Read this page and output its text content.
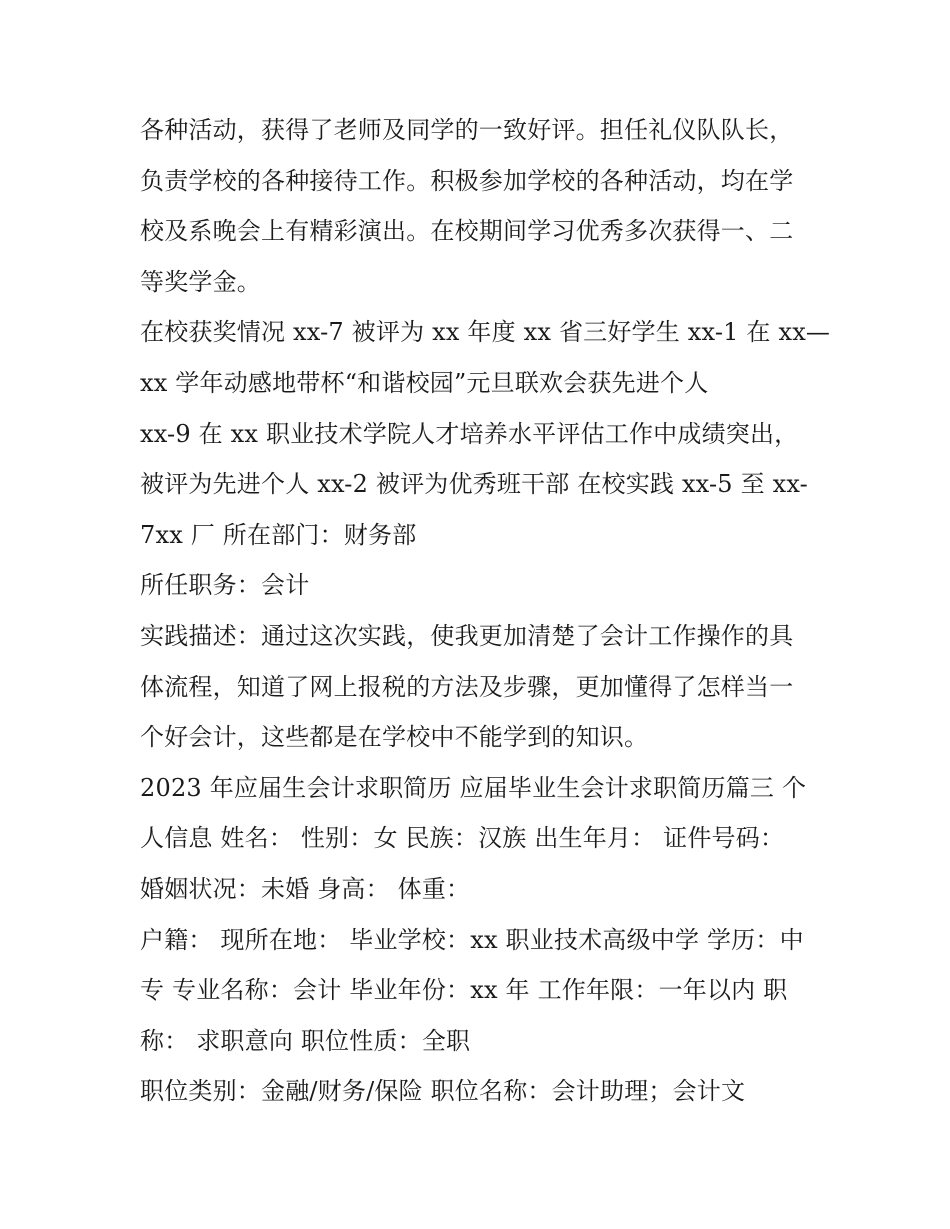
各种活动，获得了老师及同学的一致好评。担任礼仪队队长，
负责学校的各种接待工作。积极参加学校的各种活动，均在学
校及系晚会上有精彩演出。在校期间学习优秀多次获得一、二
等奖学金。
在校获奖情况 xx-7 被评为 xx 年度 xx 省三好学生 xx-1 在 xx—
xx 学年动感地带杯“和谐校园”元旦联欢会获先进个人
xx-9 在 xx 职业技术学院人才培养水平评估工作中成绩突出，
被评为先进个人 xx-2 被评为优秀班干部 在校实践 xx-5 至 xx-
7xx 厂 所在部门：财务部
所任职务：会计
实践描述：通过这次实践，使我更加清楚了会计工作操作的具
体流程，知道了网上报税的方法及步骤，更加懂得了怎样当一
个好会计，这些都是在学校中不能学到的知识。
2023 年应届生会计求职简历 应届毕业生会计求职简历篇三 个
人信息 姓名： 性别：女 民族：汉族 出生年月： 证件号码：
婚姻状况：未婚 身高： 体重：
户籍： 现所在地： 毕业学校：xx 职业技术高级中学 学历：中
专 专业名称：会计 毕业年份：xx 年 工作年限：一年以内 职
称： 求职意向 职位性质：全职
职位类别：金融/财务/保险 职位名称：会计助理；会计文
